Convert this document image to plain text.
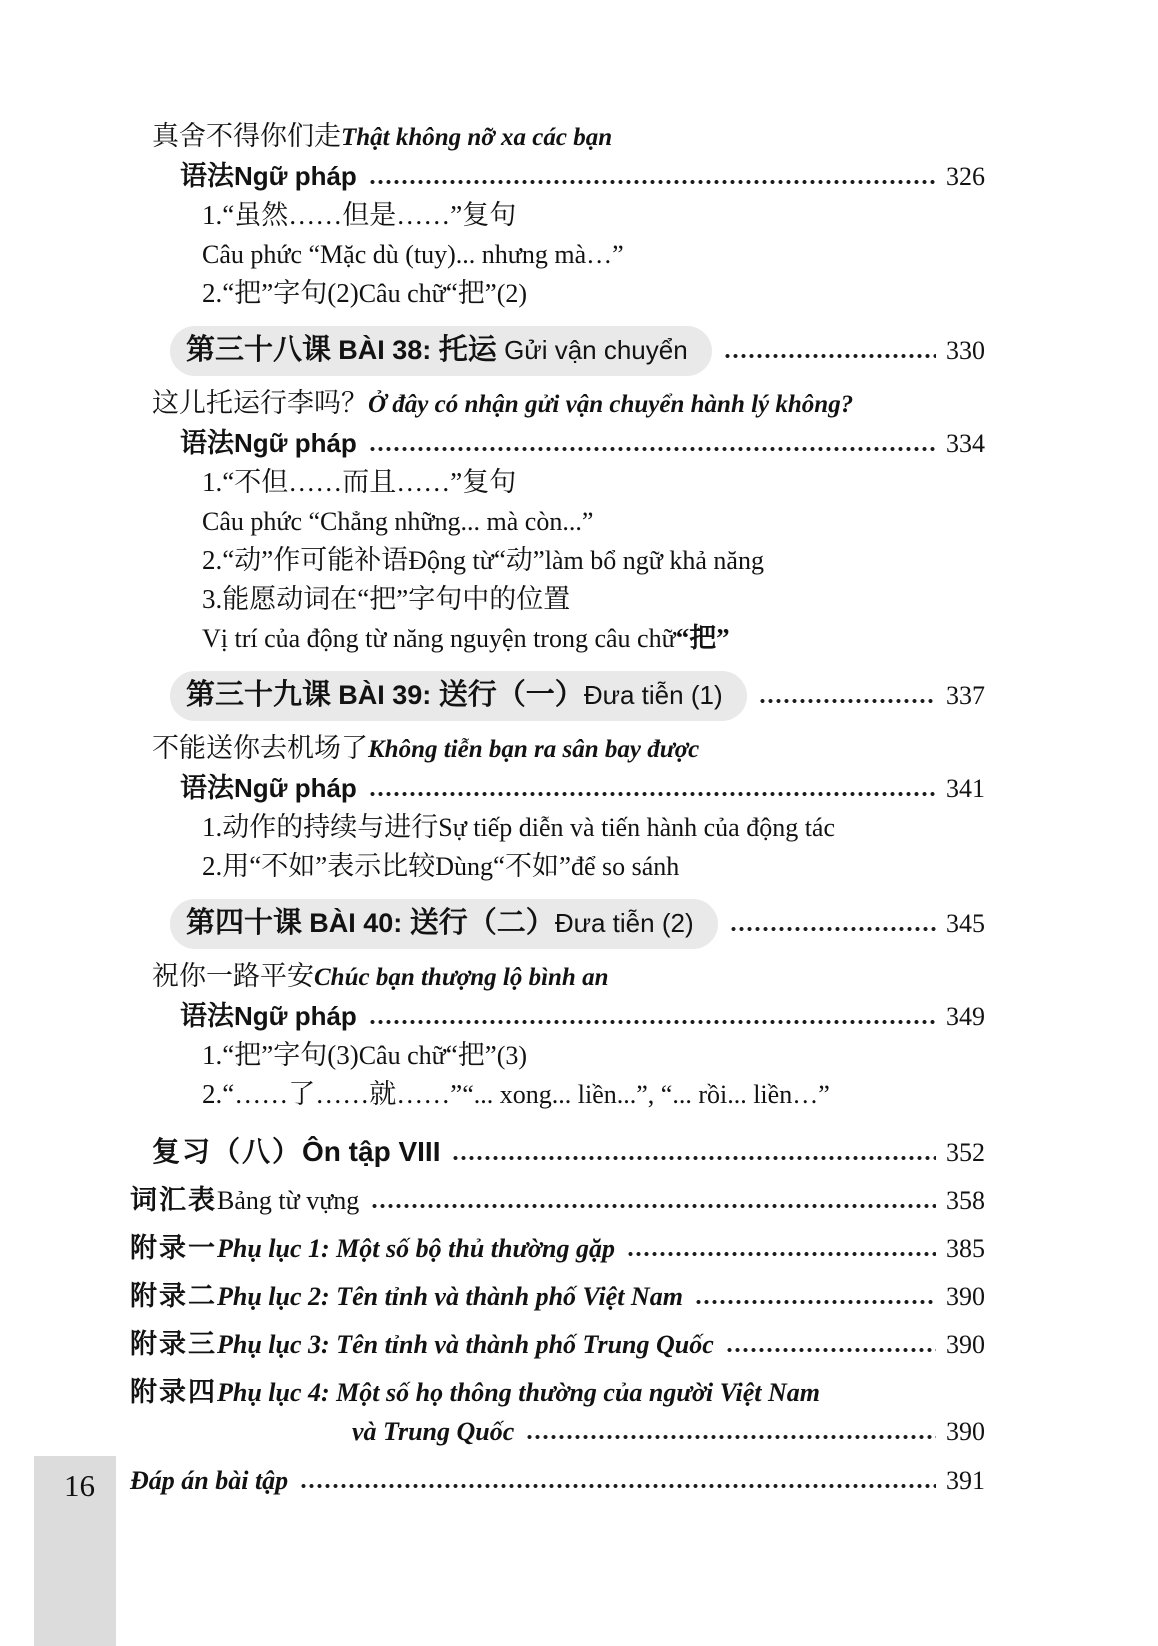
真舍不得你们走 Thật không nỡ xa các bạn
语法 Ngữ pháp	326
1. “虽然……但是……”复句
Câu phức “Mặc dù (tuy)... nhưng mà…”
2. “把”字句(2) Câu chữ “把” (2)
第三十八课 BÀI 38: 托运 Gửi vận chuyển	330
这儿托运行李吗？ Ở đây có nhận gửi vận chuyển hành lý không?
语法 Ngữ pháp	334
1. “不但……而且……”复句
Câu phức “Chẳng những... mà còn...”
2. “动”作可能补语 Động từ “动” làm bổ ngữ khả năng
3. 能愿动词在“把”字句中的位置
Vị trí của động từ năng nguyện trong câu chữ “把”
第三十九课 BÀI 39: 送行（一）Đưa tiễn (1)	337
不能送你去机场了 Không tiễn bạn ra sân bay được
语法 Ngữ pháp	341
1. 动作的持续与进行 Sự tiếp diễn và tiến hành của động tác
2. 用“不如”表示比较 Dùng “不如” để so sánh
第四十课 BÀI 40: 送行（二）Đưa tiễn (2)	345
祝你一路平安 Chúc bạn thượng lộ bình an
语法 Ngữ pháp	349
1. “把”字句(3) Câu chữ “把” (3)
2. “……了……就……” “... xong... liền...”, “... rồi... liền…”
复习（八） Ôn tập VIII	352
词汇表 Bảng từ vựng	358
附录一 Phụ lục 1: Một số bộ thủ thường gặp	385
附录二 Phụ lục 2: Tên tỉnh và thành phố Việt Nam	390
附录三 Phụ lục 3: Tên tỉnh và thành phố Trung Quốc	390
附录四 Phụ lục 4: Một số họ thông thường của người Việt Nam
và Trung Quốc	390
Đáp án bài tập	391
16
